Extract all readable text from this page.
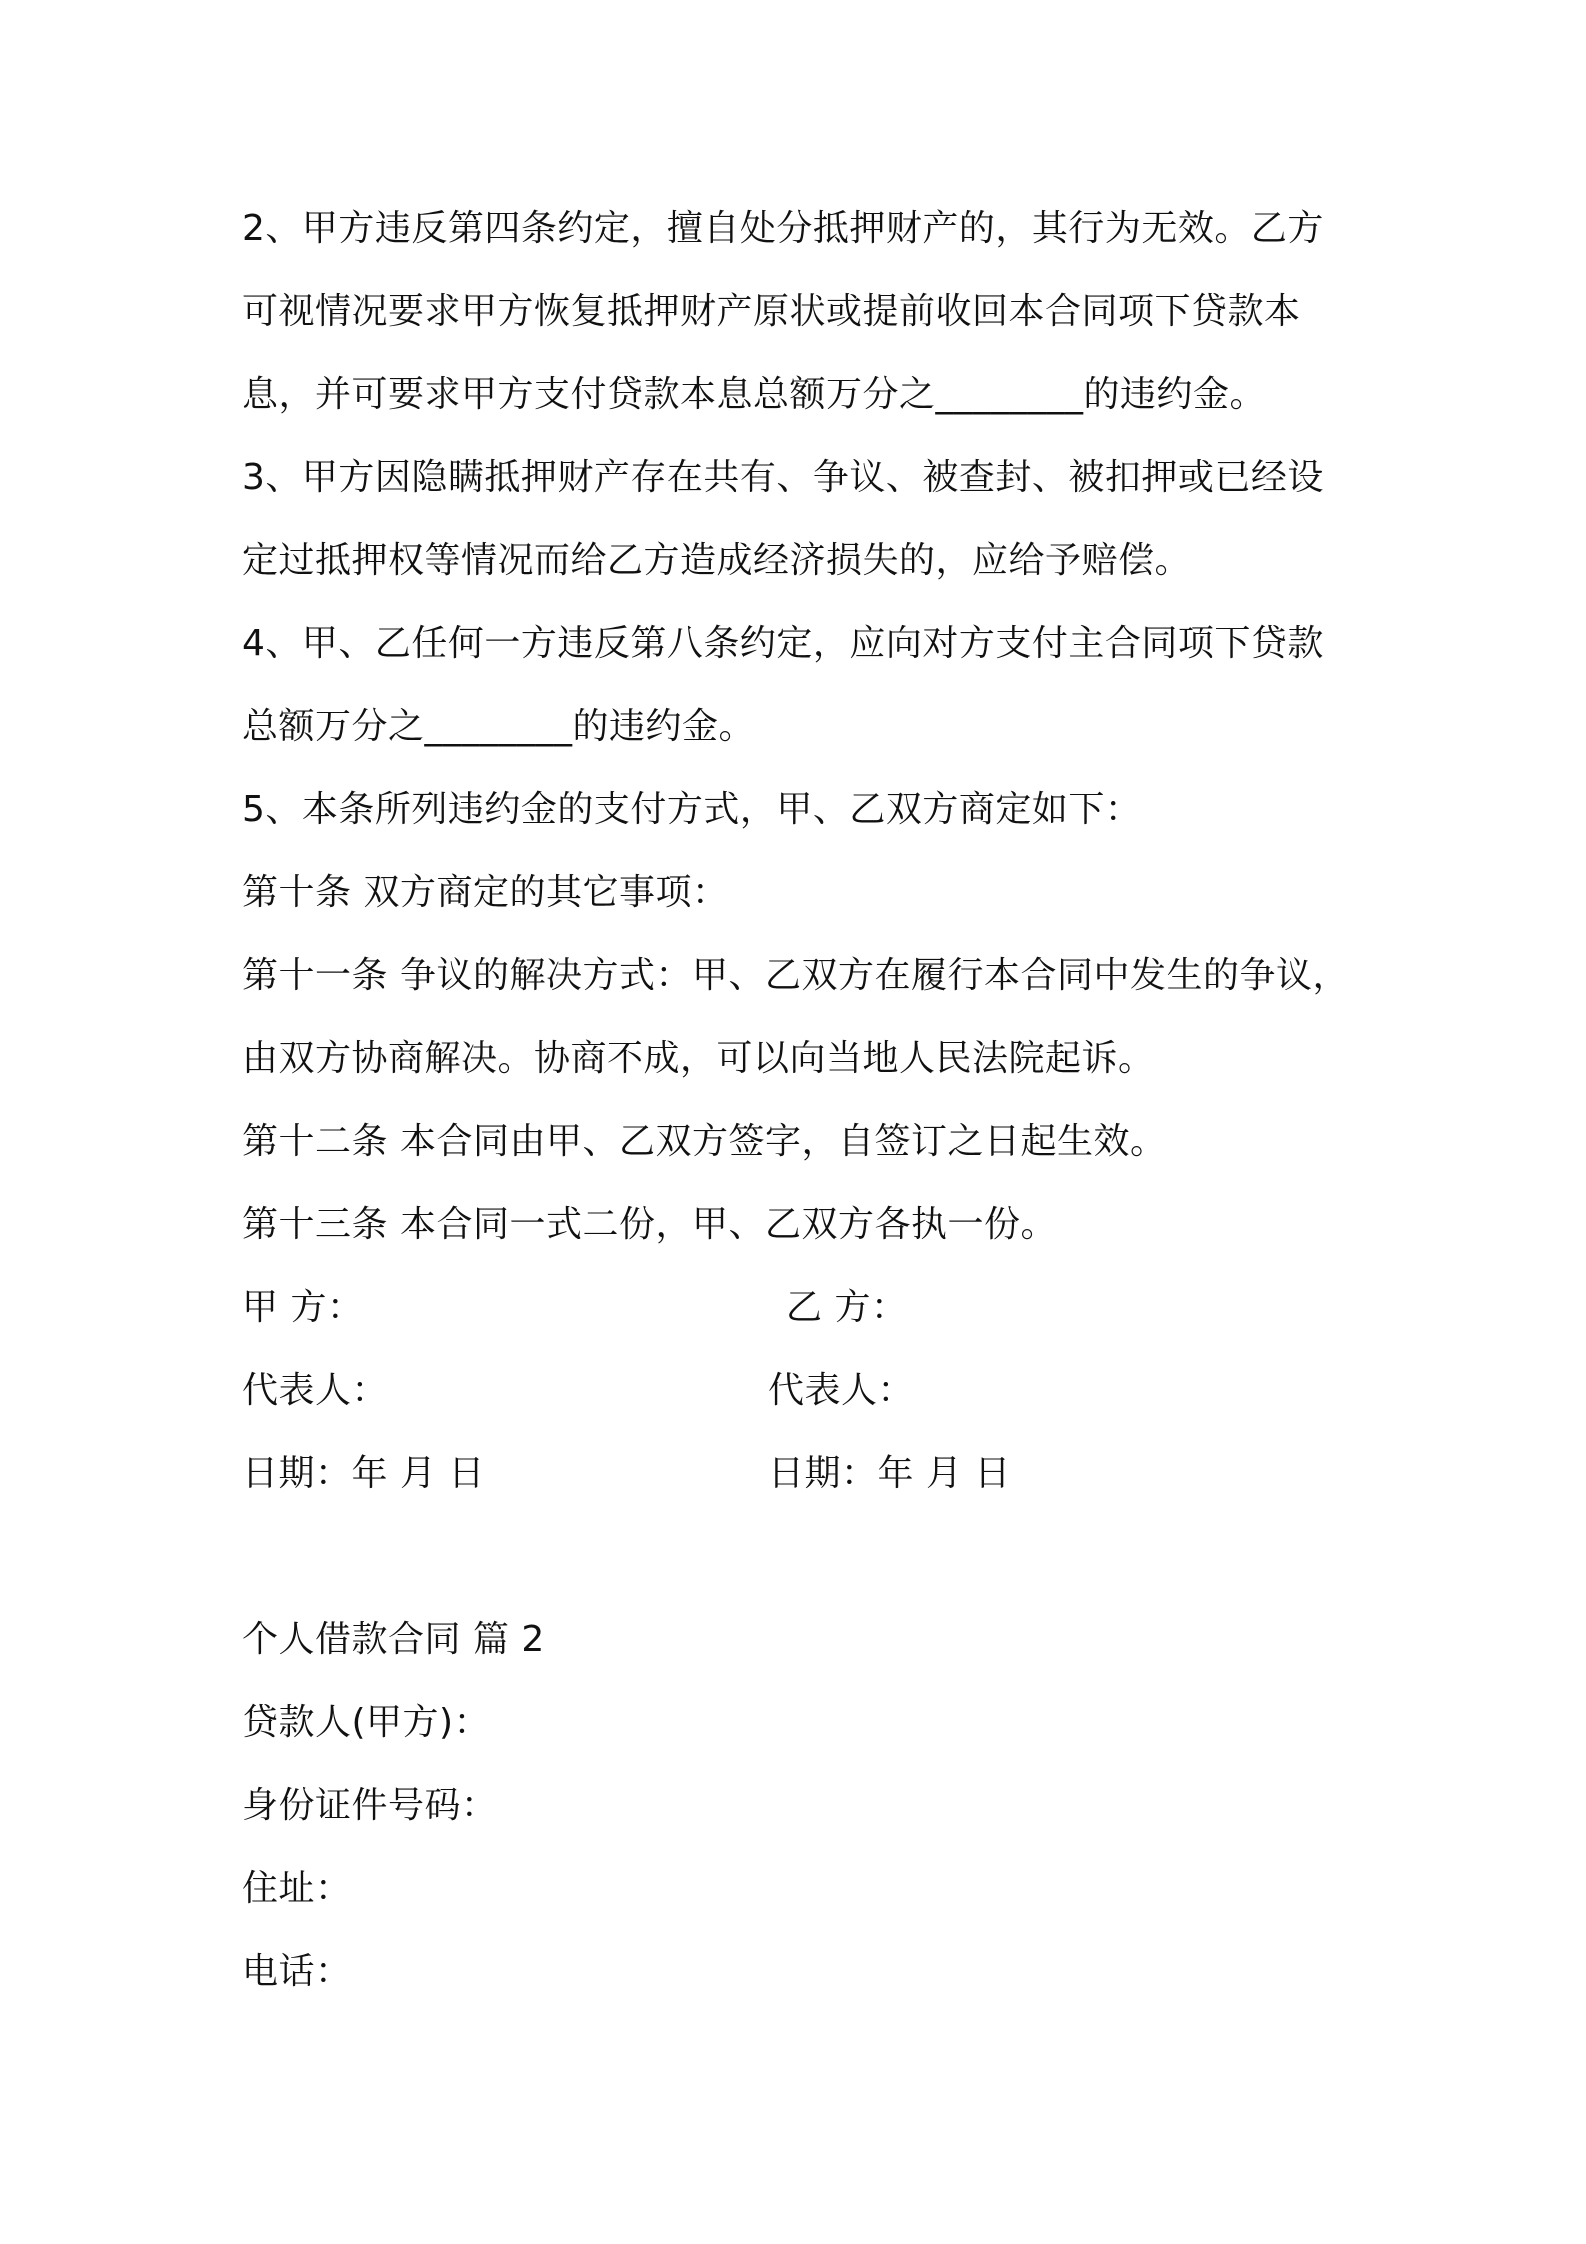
2、甲方违反第四条约定，擅自处分抵押财产的，其行为无效。乙方
可视情况要求甲方恢复抵押财产原状或提前收回本合同项下贷款本
息，并可要求甲方支付贷款本息总额万分之________的违约金。
3、甲方因隐瞒抵押财产存在共有、争议、被查封、被扣押或已经设
定过抵押权等情况而给乙方造成经济损失的，应给予赔偿。
4、甲、乙任何一方违反第八条约定，应向对方支付主合同项下贷款
总额万分之________的违约金。
5、本条所列违约金的支付方式，甲、乙双方商定如下：
第十条 双方商定的其它事项：
第十一条 争议的解决方式：甲、乙双方在履行本合同中发生的争议，
由双方协商解决。协商不成，可以向当地人民法院起诉。
第十二条 本合同由甲、乙双方签字，自签订之日起生效。
第十三条 本合同一式二份，甲、乙双方各执一份。
甲 方：	乙 方：
代表人：	代表人：
日期：年 月 日	日期：年 月 日
个人借款合同 篇 2
贷款人(甲方)：
身份证件号码：
住址：
电话：
